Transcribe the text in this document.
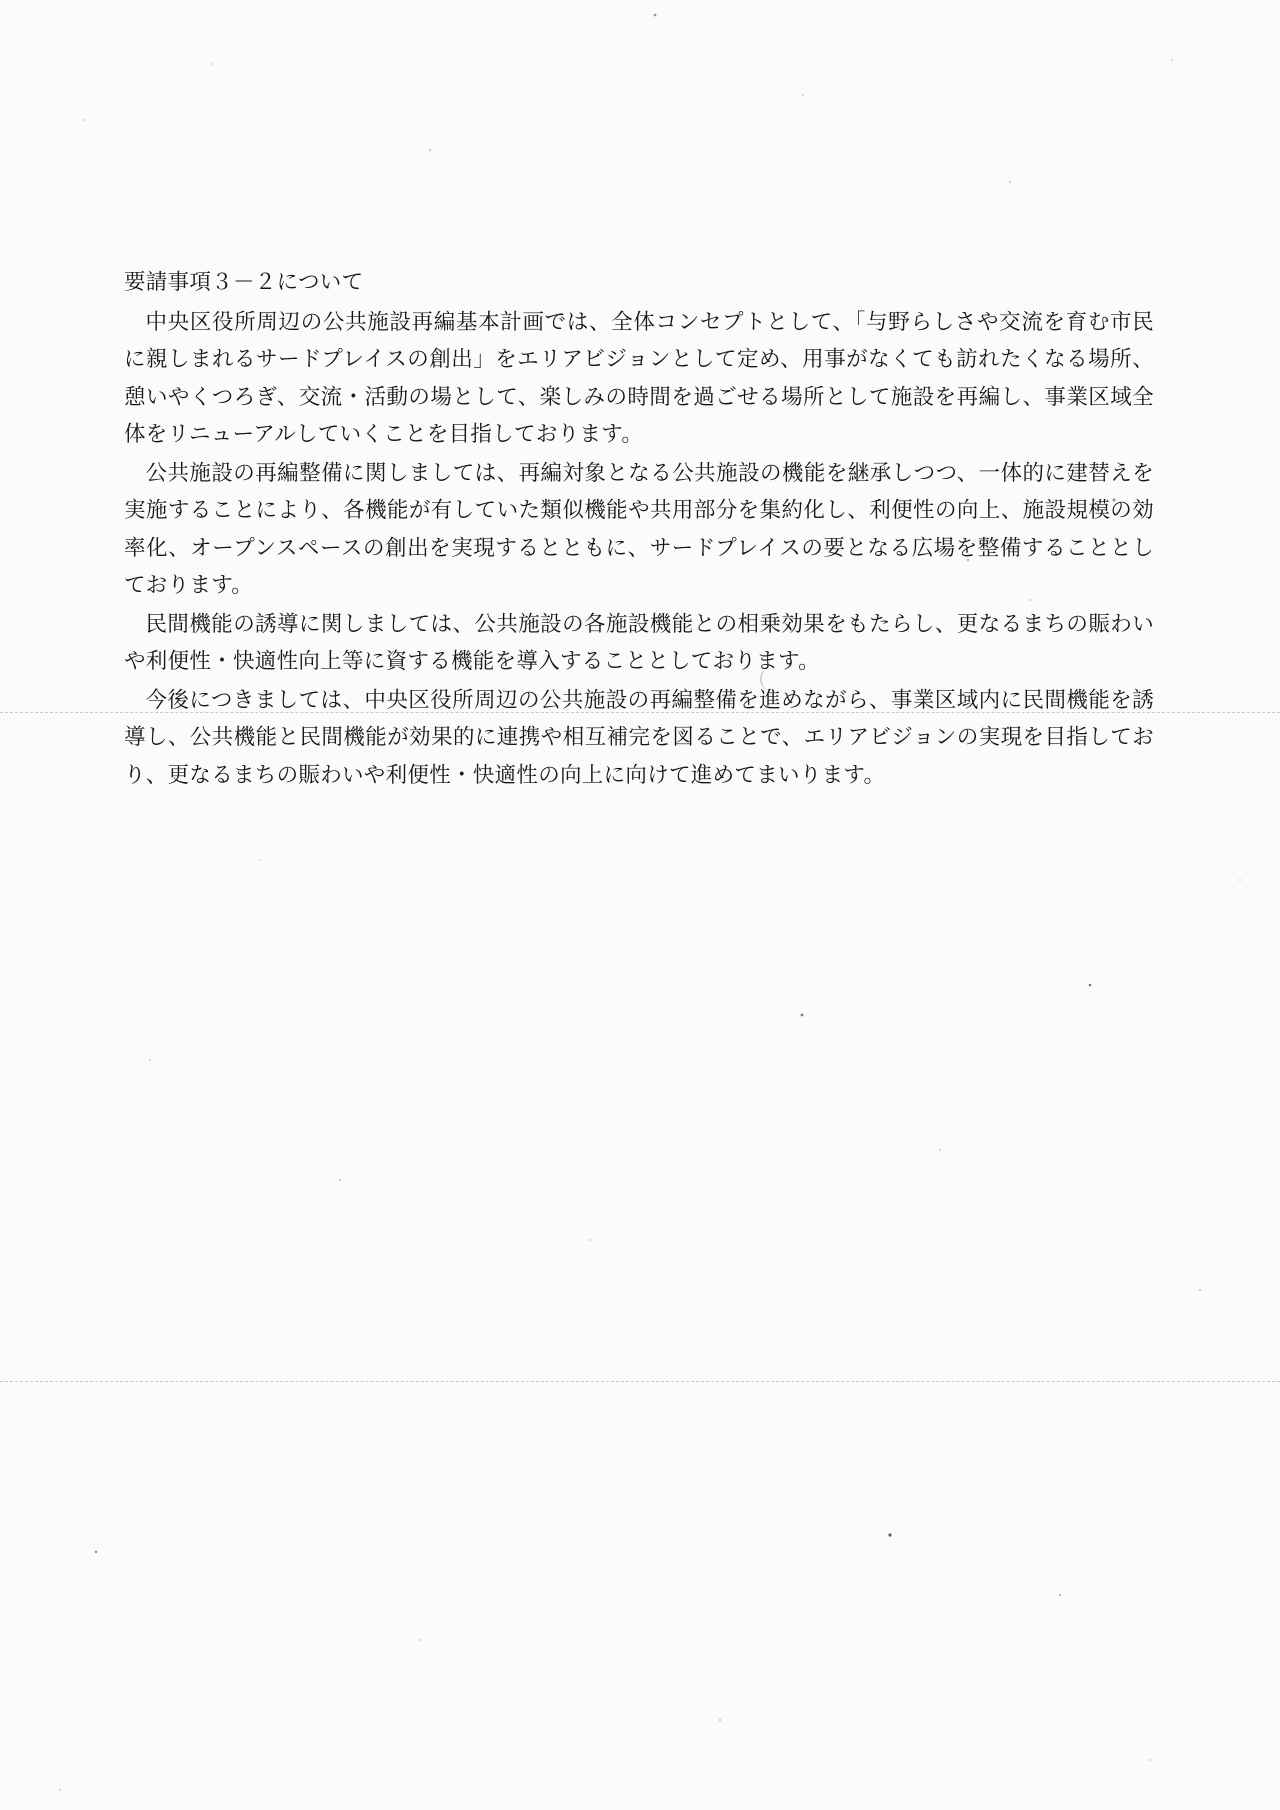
要請事項３－２について

中央区役所周辺の公共施設再編基本計画では、全体コンセプトとして、「与野らしさや交流を育む市民に親しまれるサードプレイスの創出」をエリアビジョンとして定め、用事がなくても訪れたくなる場所、憩いやくつろぎ、交流・活動の場として、楽しみの時間を過ごせる場所として施設を再編し、事業区域全体をリニューアルしていくことを目指しております。

公共施設の再編整備に関しましては、再編対象となる公共施設の機能を継承しつつ、一体的に建替えを実施することにより、各機能が有していた類似機能や共用部分を集約化し、利便性の向上、施設規模の効率化、オープンスペースの創出を実現するとともに、サードプレイスの要となる広場を整備することとしております。

民間機能の誘導に関しましては、公共施設の各施設機能との相乗効果をもたらし、更なるまちの賑わいや利便性・快適性向上等に資する機能を導入することとしております。

今後につきましては、中央区役所周辺の公共施設の再編整備を進めながら、事業区域内に民間機能を誘導し、公共機能と民間機能が効果的に連携や相互補完を図ることで、エリアビジョンの実現を目指しており、更なるまちの賑わいや利便性・快適性の向上に向けて進めてまいります。
